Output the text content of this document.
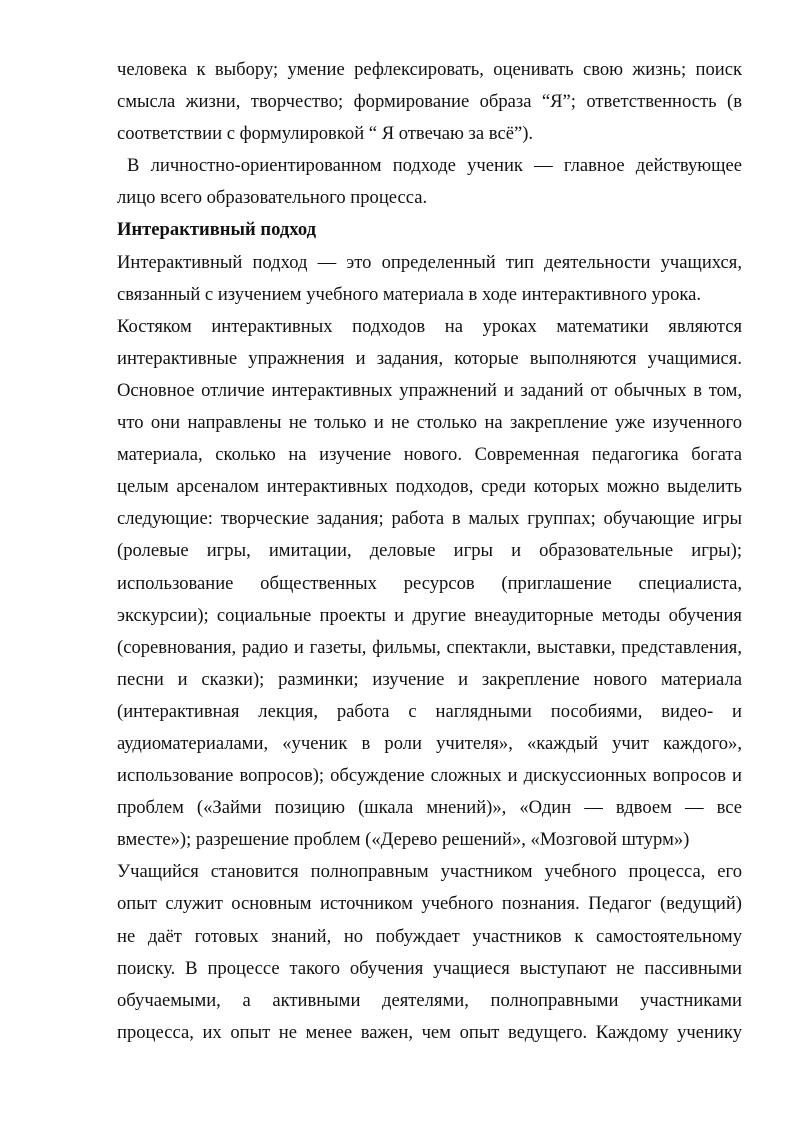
человека к выбору; умение рефлексировать, оценивать свою жизнь; поиск
смысла жизни, творчество; формирование образа “Я”; ответственность (в
соответствии с формулировкой “ Я отвечаю за всё”).
В личностно-ориентированном подходе ученик — главное действующее
лицо всего образовательного процесса.
Интерактивный подход
Интерактивный подход — это определенный тип деятельности учащихся,
связанный с изучением учебного материала в ходе интерактивного урока.
Костяком интерактивных подходов на уроках математики являются
интерактивные упражнения и задания, которые выполняются учащимися.
Основное отличие интерактивных упражнений и заданий от обычных в том,
что они направлены не только и не столько на закрепление уже изученного
материала, сколько на изучение нового. Современная педагогика богата
целым арсеналом интерактивных подходов, среди которых можно выделить
следующие: творческие задания; работа в малых группах; обучающие игры
(ролевые игры, имитации, деловые игры и образовательные игры);
использование общественных ресурсов (приглашение специалиста,
экскурсии); социальные проекты и другие внеаудиторные методы обучения
(соревнования, радио и газеты, фильмы, спектакли, выставки, представления,
песни и сказки); разминки; изучение и закрепление нового материала
(интерактивная лекция, работа с наглядными пособиями, видео- и
аудиоматериалами, «ученик в роли учителя», «каждый учит каждого»,
использование вопросов); обсуждение сложных и дискуссионных вопросов и
проблем («Займи позицию (шкала мнений)», «Один — вдвоем — все
вместе»); разрешение проблем («Дерево решений», «Мозговой штурм»)
Учащийся становится полноправным участником учебного процесса, его
опыт служит основным источником учебного познания. Педагог (ведущий)
не даёт готовых знаний, но побуждает участников к самостоятельному
поиску. В процессе такого обучения учащиеся выступают не пассивными
обучаемыми, а активными деятелями, полноправными участниками
процесса, их опыт не менее важен, чем опыт ведущего. Каждому ученику
